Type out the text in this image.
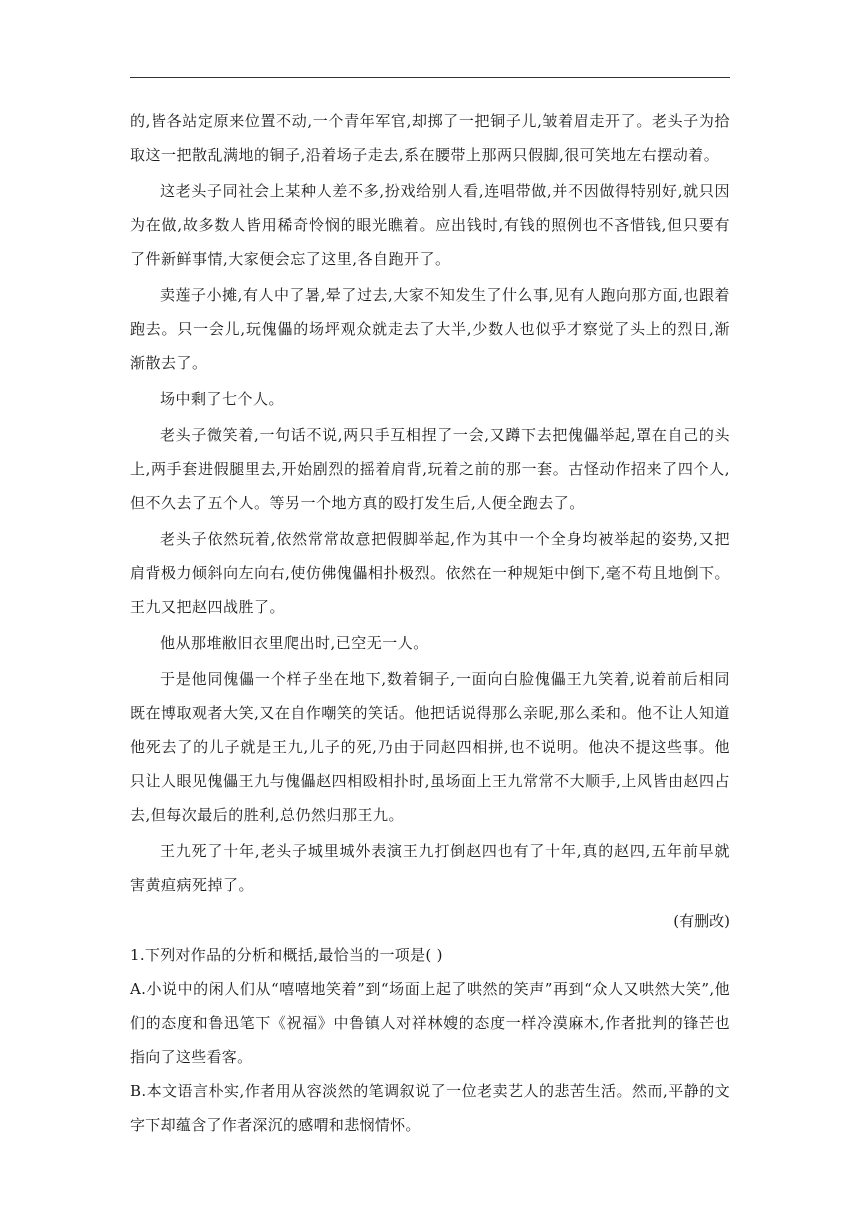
的,皆各站定原来位置不动,一个青年军官,却掷了一把铜子儿,皱着眉走开了。老头子为拾取这一把散乱满地的铜子,沿着场子走去,系在腰带上那两只假脚,很可笑地左右摆动着。

这老头子同社会上某种人差不多,扮戏给别人看,连唱带做,并不因做得特别好,就只因为在做,故多数人皆用稀奇怜悯的眼光瞧着。应出钱时,有钱的照例也不吝惜钱,但只要有了件新鲜事情,大家便会忘了这里,各自跑开了。

卖莲子小摊,有人中了暑,晕了过去,大家不知发生了什么事,见有人跑向那方面,也跟着跑去。只一会儿,玩傀儡的场坪观众就走去了大半,少数人也似乎才察觉了头上的烈日,渐渐散去了。

场中剩了七个人。

老头子微笑着,一句话不说,两只手互相捏了一会,又蹲下去把傀儡举起,罩在自己的头上,两手套进假腿里去,开始剧烈的摇着肩背,玩着之前的那一套。古怪动作招来了四个人,但不久去了五个人。等另一个地方真的殴打发生后,人便全跑去了。

老头子依然玩着,依然常常故意把假脚举起,作为其中一个全身均被举起的姿势,又把肩背极力倾斜向左向右,使仿佛傀儡相扑极烈。依然在一种规矩中倒下,毫不苟且地倒下。王九又把赵四战胜了。

他从那堆敝旧衣里爬出时,已空无一人。

于是他同傀儡一个样子坐在地下,数着铜子,一面向白脸傀儡王九笑着,说着前后相同既在博取观者大笑,又在自作嘲笑的笑话。他把话说得那么亲昵,那么柔和。他不让人知道他死去了的儿子就是王九,儿子的死,乃由于同赵四相拼,也不说明。他决不提这些事。他只让人眼见傀儡王九与傀儡赵四相殴相扑时,虽场面上王九常常不大顺手,上风皆由赵四占去,但每次最后的胜利,总仍然归那王九。

王九死了十年,老头子城里城外表演王九打倒赵四也有了十年,真的赵四,五年前早就害黄疸病死掉了。

(有删改)

1.下列对作品的分析和概括,最恰当的一项是( )

A.小说中的闲人们从“嘻嘻地笑着”到“场面上起了哄然的笑声”再到“众人又哄然大笑”,他们的态度和鲁迅笔下《祝福》中鲁镇人对祥林嫂的态度一样冷漠麻木,作者批判的锋芒也指向了这些看客。

B.本文语言朴实,作者用从容淡然的笔调叙说了一位老卖艺人的悲苦生活。然而,平静的文字下却蕴含了作者深沉的感喟和悲悯情怀。
